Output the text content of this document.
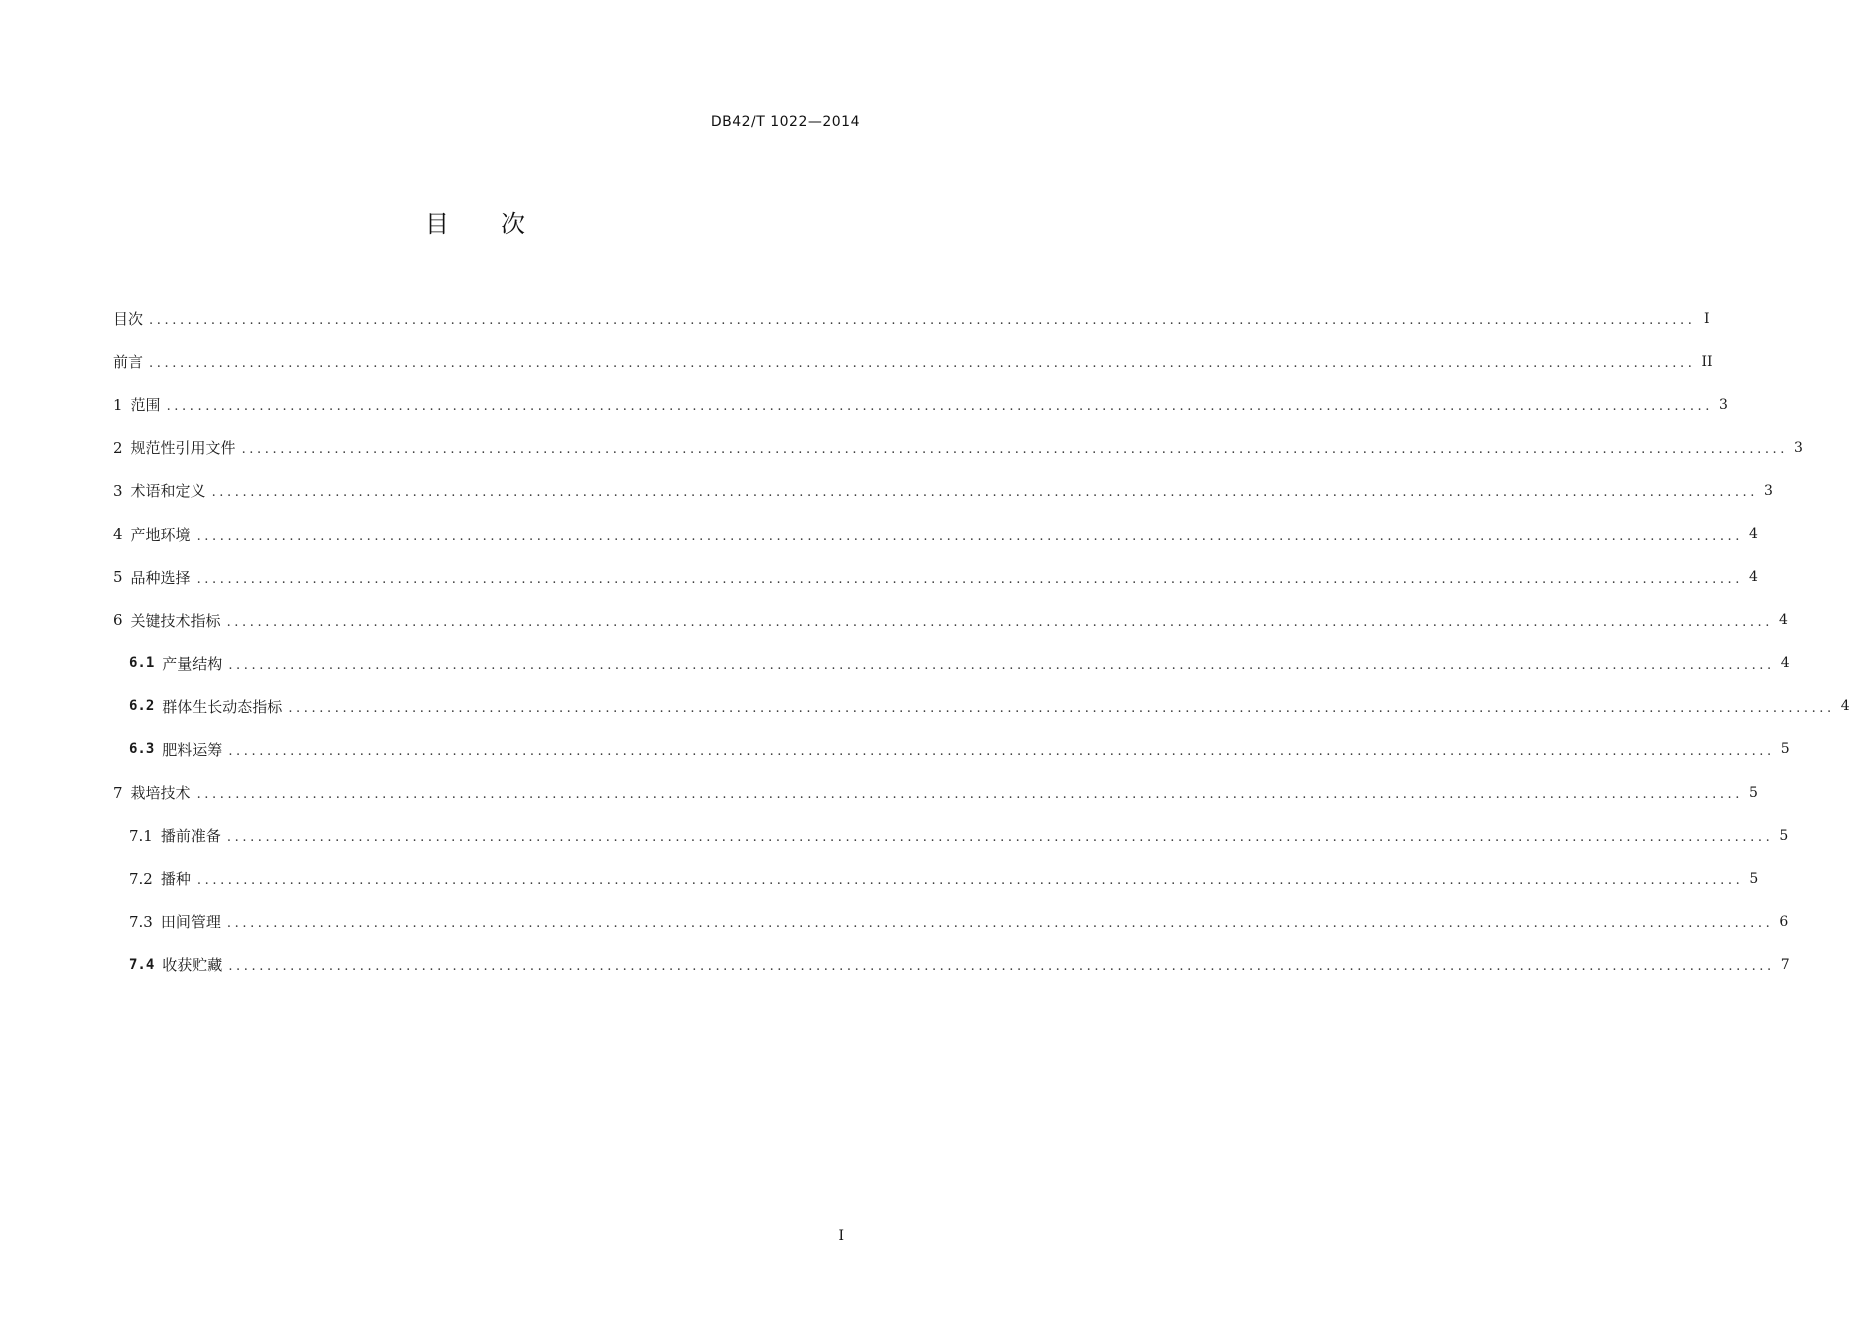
DB42/T 1022—2014
目次
目次 ........................................................................................................................................................................................................ I
前言 ........................................................................................................................................................................................................ II
1 范围 ........................................................................................................................................................................................................ 3
2 规范性引用文件 ........................................................................................................................................................................................................ 3
3 术语和定义 ........................................................................................................................................................................................................ 3
4 产地环境 ........................................................................................................................................................................................................ 4
5 品种选择 ........................................................................................................................................................................................................ 4
6 关键技术指标 ........................................................................................................................................................................................................ 4
6.1 产量结构 ........................................................................................................................................................................................................ 4
6.2 群体生长动态指标 ........................................................................................................................................................................................................ 4
6.3 肥料运筹 ........................................................................................................................................................................................................ 5
7 栽培技术 ........................................................................................................................................................................................................ 5
7.1 播前准备 ........................................................................................................................................................................................................ 5
7.2 播种 ........................................................................................................................................................................................................ 5
7.3 田间管理 ........................................................................................................................................................................................................ 6
7.4 收获贮藏 ........................................................................................................................................................................................................ 7
I
